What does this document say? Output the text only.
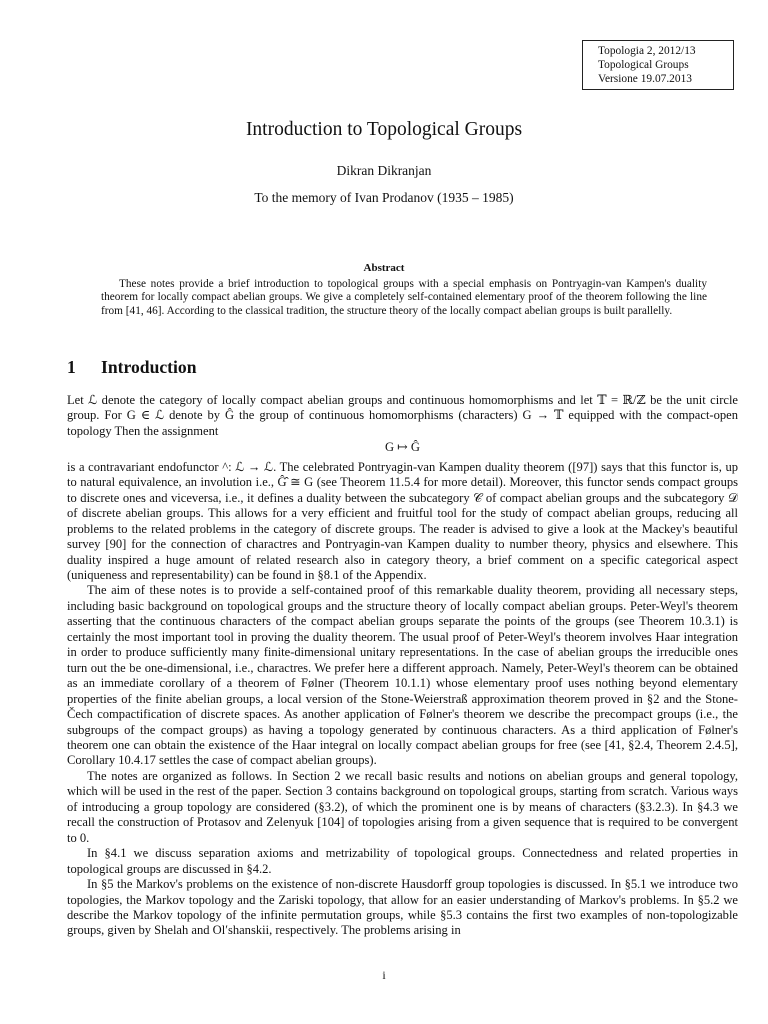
Topologia 2, 2012/13
Topological Groups
Versione 19.07.2013
Introduction to Topological Groups
Dikran Dikranjan
To the memory of Ivan Prodanov (1935 – 1985)
Abstract
These notes provide a brief introduction to topological groups with a special emphasis on Pontryagin-van Kampen's duality theorem for locally compact abelian groups. We give a completely self-contained elementary proof of the theorem following the line from [41, 46]. According to the classical tradition, the structure theory of the locally compact abelian groups is built parallelly.
1 Introduction

Let ℒ denote the category of locally compact abelian groups and continuous homomorphisms and let 𝕋 = ℝ/ℤ be the unit circle group. For G ∈ ℒ denote by Ĝ the group of continuous homomorphisms (characters) G → 𝕋 equipped with the compact-open topology Then the assignment

G ↦ Ĝ

is a contravariant endofunctor ^: ℒ → ℒ. The celebrated Pontryagin-van Kampen duality theorem ([97]) says that this functor is, up to natural equivalence, an involution i.e., Ĝ̂ ≅ G (see Theorem 11.5.4 for more detail). Moreover, this functor sends compact groups to discrete ones and viceversa, i.e., it defines a duality between the subcategory 𝒞 of compact abelian groups and the subcategory 𝒟 of discrete abelian groups. This allows for a very efficient and fruitful tool for the study of compact abelian groups, reducing all problems to the related problems in the category of discrete groups. The reader is advised to give a look at the Mackey's beautiful survey [90] for the connection of charactres and Pontryagin-van Kampen duality to number theory, physics and elsewhere. This duality inspired a huge amount of related research also in category theory, a brief comment on a specific categorical aspect (uniqueness and representability) can be found in §8.1 of the Appendix.

The aim of these notes is to provide a self-contained proof of this remarkable duality theorem, providing all necessary steps, including basic background on topological groups and the structure theory of locally compact abelian groups. Peter-Weyl's theorem asserting that the continuous characters of the compact abelian groups separate the points of the groups (see Theorem 10.3.1) is certainly the most important tool in proving the duality theorem. The usual proof of Peter-Weyl's theorem involves Haar integration in order to produce sufficiently many finite-dimensional unitary representations. In the case of abelian groups the irreducible ones turn out the be one-dimensional, i.e., charactres. We prefer here a different approach. Namely, Peter-Weyl's theorem can be obtained as an immediate corollary of a theorem of Følner (Theorem 10.1.1) whose elementary proof uses nothing beyond elementary properties of the finite abelian groups, a local version of the Stone-Weierstraß approximation theorem proved in §2 and the Stone-Čech compactification of discrete spaces. As another application of Følner's theorem we describe the precompact groups (i.e., the subgroups of the compact groups) as having a topology generated by continuous characters. As a third application of Følner's theorem one can obtain the existence of the Haar integral on locally compact abelian groups for free (see [41, §2.4, Theorem 2.4.5], Corollary 10.4.17 settles the case of compact abelian groups).

The notes are organized as follows. In Section 2 we recall basic results and notions on abelian groups and general topology, which will be used in the rest of the paper. Section 3 contains background on topological groups, starting from scratch. Various ways of introducing a group topology are considered (§3.2), of which the prominent one is by means of characters (§3.2.3). In §4.3 we recall the construction of Protasov and Zelenyuk [104] of topologies arising from a given sequence that is required to be convergent to 0.

In §4.1 we discuss separation axioms and metrizability of topological groups. Connectedness and related properties in topological groups are discussed in §4.2.

In §5 the Markov's problems on the existence of non-discrete Hausdorff group topologies is discussed. In §5.1 we introduce two topologies, the Markov topology and the Zariski topology, that allow for an easier understanding of Markov's problems. In §5.2 we describe the Markov topology of the infinite permutation groups, while §5.3 contains the first two examples of non-topologizable groups, given by Shelah and Ol′shanskii, respectively. The problems arising in

i
